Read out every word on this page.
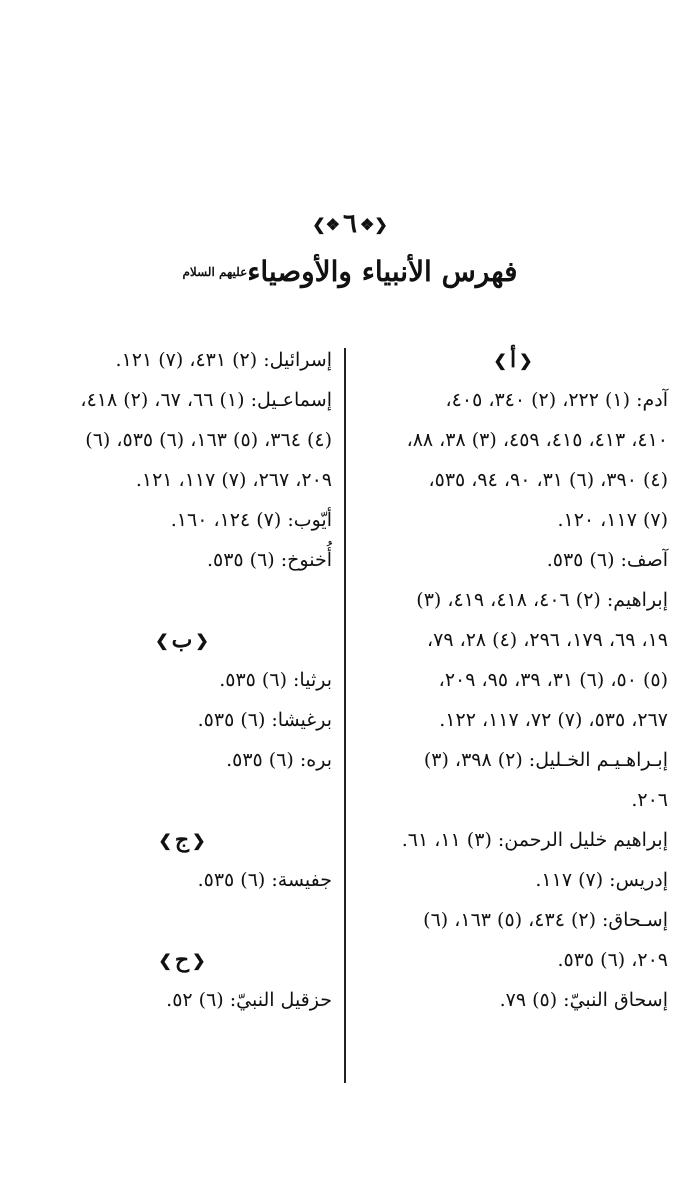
❮❖٦❖❯
فهرس الأنبياء والأوصياء$^{عليهم السلام}$
❮أ❯
آدم: (١) ٢٢٢، (٢) ٣٤٠، ٤٠٥،
٤١٠، ٤١٣، ٤١٥، ٤٥٩، (٣) ٣٨، ٨٨،
(٤) ٣٩٠، (٦) ٣١، ٩٠، ٩٤، ٥٣٥،
(٧) ١١٧، ١٢٠.
آصف: (٦) ٥٣٥.
إبراهيم: (٢) ٤٠٦، ٤١٨، ٤١٩، (٣)
١٩، ٦٩، ١٧٩، ٢٩٦، (٤) ٢٨، ٧٩،
(٥) ٥٠، (٦) ٣١، ٣٩، ٩٥، ٢٠٩،
٢٦٧، ٥٣٥، (٧) ٧٢، ١١٧، ١٢٢.
إبـراهـيـم الخـليل: (٢) ٣٩٨، (٣)
٢٠٦.
إبراهيم خليل الرحمن: (٣) ١١، ٦١.
إدريس: (٧) ١١٧.
إسـحاق: (٢) ٤٣٤، (٥) ١٦٣، (٦)
٢٠٩، (٦) ٥٣٥.
إسحاق النبيّ: (٥) ٧٩.
إسرائيل: (٢) ٤٣١، (٧) ١٢١.
إسماعـيل: (١) ٦٦، ٦٧، (٢) ٤١٨،
(٤) ٣٦٤، (٥) ١٦٣، (٦) ٥٣٥، (٦)
٢٠٩، ٢٦٧، (٧) ١١٧، ١٢١.
أيّوب: (٧) ١٢٤، ١٦٠.
أُخنوخ: (٦) ٥٣٥.
❮ب❯
برثيا: (٦) ٥٣٥.
برغيشا: (٦) ٥٣٥.
بره: (٦) ٥٣٥.
❮ج❯
جفيسة: (٦) ٥٣٥.
❮ح❯
حزقيل النبيّ: (٦) ٥٢.
